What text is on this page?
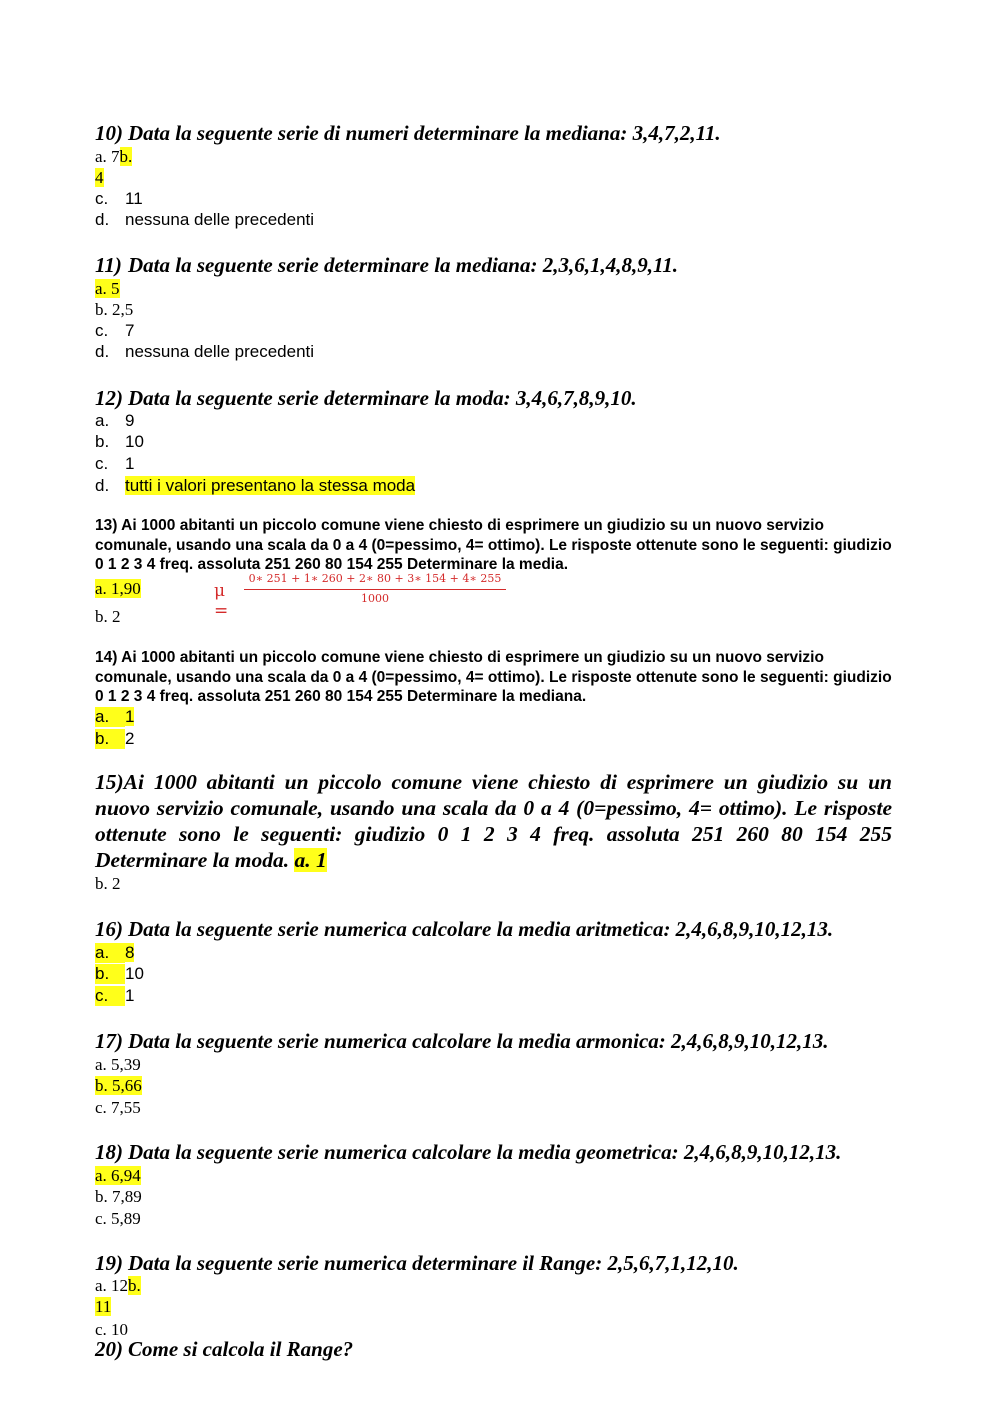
10) Data la seguente serie di numeri determinare la mediana: 3,4,7,2,11.
a. 7b.
4
c. 11
d. nessuna delle precedenti
11) Data la seguente serie determinare la mediana: 2,3,6,1,4,8,9,11.
a. 5
b. 2,5
c. 7
d. nessuna delle precedenti
12) Data la seguente serie determinare la moda: 3,4,6,7,8,9,10.
a. 9
b. 10
c. 1
d. tutti i valori presentano la stessa moda
13) Ai 1000 abitanti un piccolo comune viene chiesto di esprimere un giudizio su un nuovo servizio comunale, usando una scala da 0 a 4 (0=pessimo, 4= ottimo). Le risposte ottenute sono le seguenti: giudizio 0 1 2 3 4 freq. assoluta 251 260 80 154 255 Determinare la media.
a. 1,90	μ =
0∗ 251 + 1∗ 260 + 2∗ 80 + 3∗ 154 + 4∗ 255
1000
b. 2
14) Ai 1000 abitanti un piccolo comune viene chiesto di esprimere un giudizio su un nuovo servizio comunale, usando una scala da 0 a 4 (0=pessimo, 4= ottimo). Le risposte ottenute sono le seguenti: giudizio 0 1 2 3 4 freq. assoluta 251 260 80 154 255 Determinare la mediana.
a. 1
b. 2
15)Ai 1000 abitanti un piccolo comune viene chiesto di esprimere un giudizio su un nuovo servizio comunale, usando una scala da 0 a 4 (0=pessimo, 4= ottimo). Le risposte ottenute sono le seguenti: giudizio 0 1 2 3 4 freq. assoluta 251 260 80 154 255 Determinare la moda. a. 1
b. 2
16) Data la seguente serie numerica calcolare la media aritmetica: 2,4,6,8,9,10,12,13.
a. 8
b. 10
c. 1
17) Data la seguente serie numerica calcolare la media armonica: 2,4,6,8,9,10,12,13.
a. 5,39
b. 5,66
c. 7,55
18) Data la seguente serie numerica calcolare la media geometrica: 2,4,6,8,9,10,12,13.
a. 6,94
b. 7,89
c. 5,89
19) Data la seguente serie numerica determinare il Range: 2,5,6,7,1,12,10.
a. 12b.
11
c. 10
20) Come si calcola il Range?
